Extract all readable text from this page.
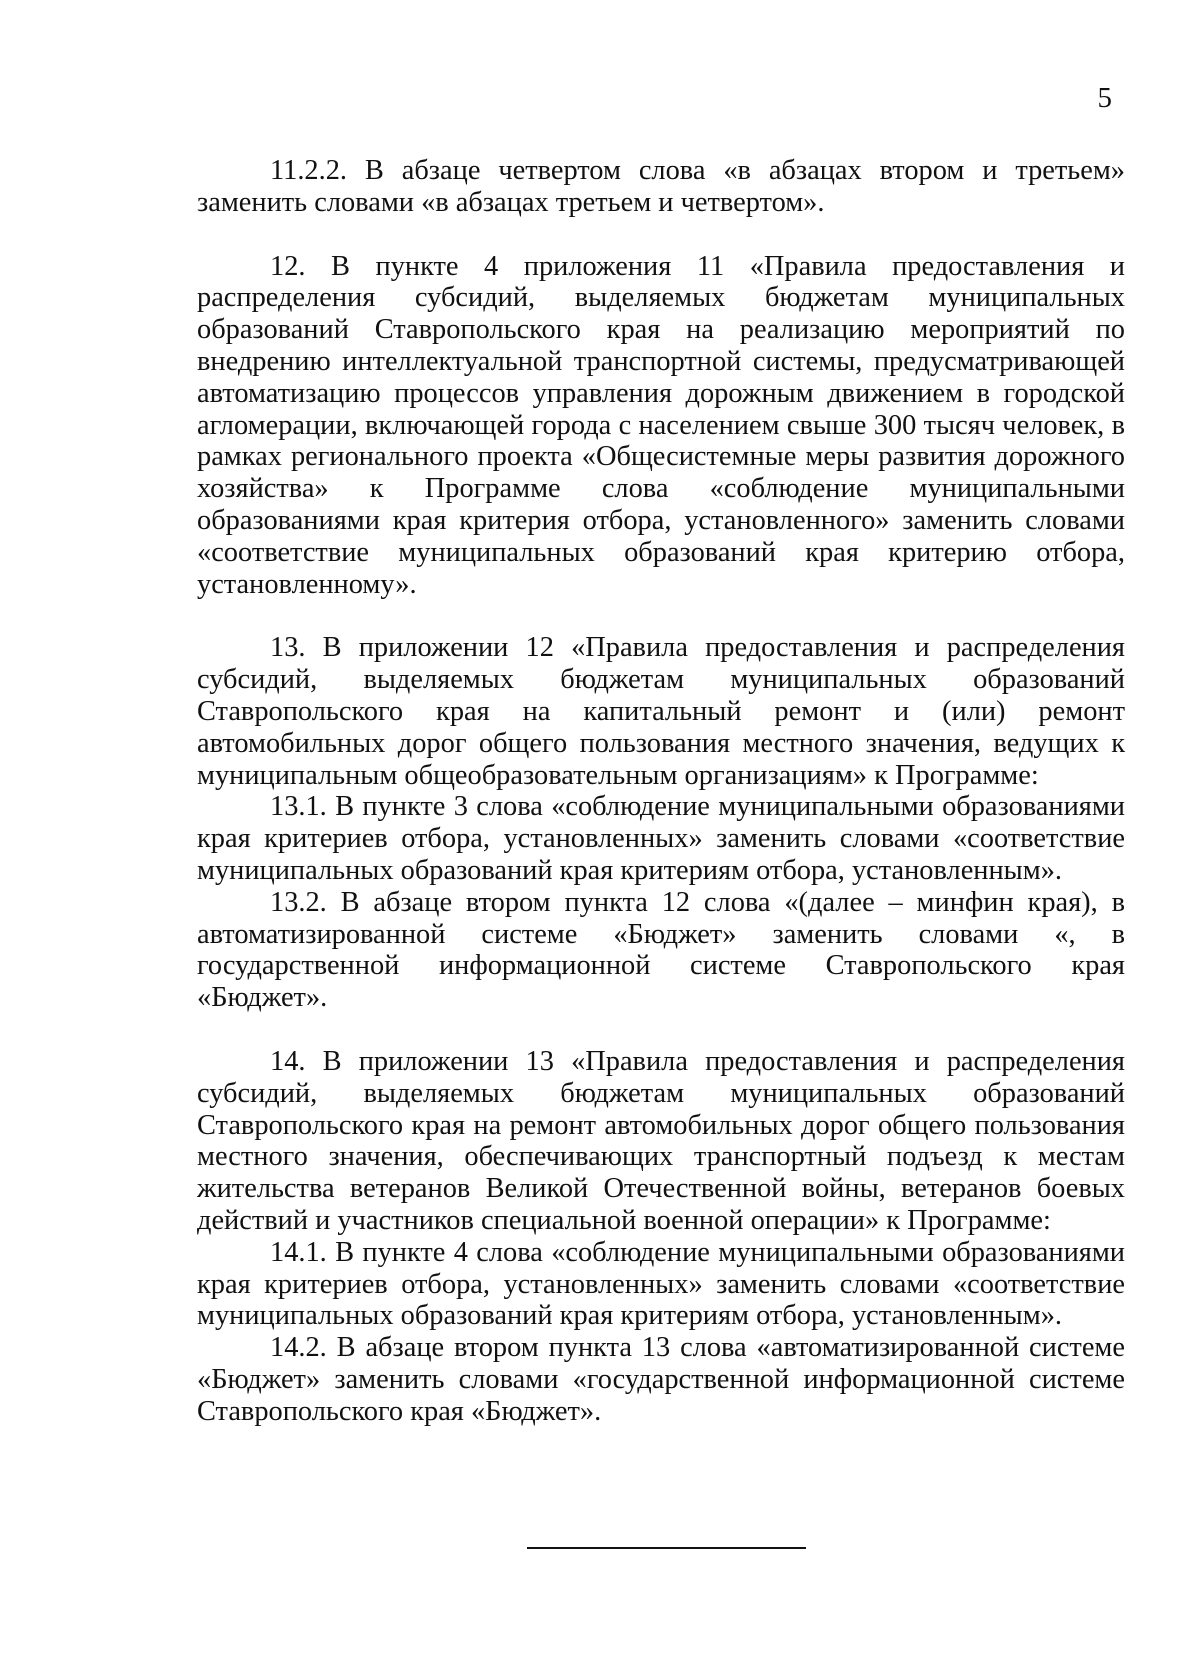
5

11.2.2. В абзаце четвертом слова «в абзацах втором и третьем» заменить словами «в абзацах третьем и четвертом».

12. В пункте 4 приложения 11 «Правила предоставления и распределения субсидий, выделяемых бюджетам муниципальных образований Ставропольского края на реализацию мероприятий по внедрению интеллектуальной транспортной системы, предусматривающей автоматизацию процессов управления дорожным движением в городской агломерации, включающей города с населением свыше 300 тысяч человек, в рамках регионального проекта «Общесистемные меры развития дорожного хозяйства» к Программе слова «соблюдение муниципальными образованиями края критерия отбора, установленного» заменить словами «соответствие муниципальных образований края критерию отбора, установленному».

13. В приложении 12 «Правила предоставления и распределения субсидий, выделяемых бюджетам муниципальных образований Ставропольского края на капитальный ремонт и (или) ремонт автомобильных дорог общего пользования местного значения, ведущих к муниципальным общеобразовательным организациям» к Программе:

13.1. В пункте 3 слова «соблюдение муниципальными образованиями края критериев отбора, установленных» заменить словами «соответствие муниципальных образований края критериям отбора, установленным».

13.2. В абзаце втором пункта 12 слова «(далее – минфин края), в автоматизированной системе «Бюджет» заменить словами «, в государственной информационной системе Ставропольского края «Бюджет».

14. В приложении 13 «Правила предоставления и распределения субсидий, выделяемых бюджетам муниципальных образований Ставропольского края на ремонт автомобильных дорог общего пользования местного значения, обеспечивающих транспортный подъезд к местам жительства ветеранов Великой Отечественной войны, ветеранов боевых действий и участников специальной военной операции» к Программе:

14.1. В пункте 4 слова «соблюдение муниципальными образованиями края критериев отбора, установленных» заменить словами «соответствие муниципальных образований края критериям отбора, установленным».

14.2. В абзаце втором пункта 13 слова «автоматизированной системе «Бюджет» заменить словами «государственной информационной системе Ставропольского края «Бюджет».
